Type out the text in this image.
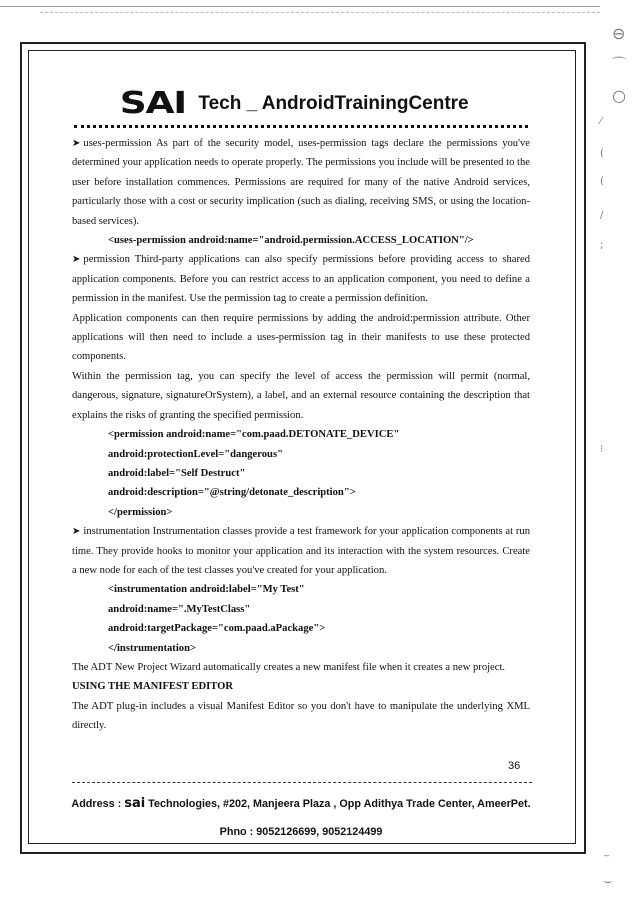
SAI Tech _ AndroidTrainingCentre

➤ uses-permission As part of the security model, uses-permission tags declare the permissions you've determined your application needs to operate properly. The permissions you include will be presented to the user before installation commences. Permissions are required for many of the native Android services, particularly those with a cost or security implication (such as dialing, receiving SMS, or using the location-based services).

<uses-permission android:name="android.permission.ACCESS_LOCATION"/>

➤ permission Third-party applications can also specify permissions before providing access to shared application components. Before you can restrict access to an application component, you need to define a permission in the manifest. Use the permission tag to create a permission definition.

Application components can then require permissions by adding the android:permission attribute. Other applications will then need to include a uses-permission tag in their manifests to use these protected components.

Within the permission tag, you can specify the level of access the permission will permit (normal, dangerous, signature, signatureOrSystem), a label, and an external resource containing the description that explains the risks of granting the specified permission.

<permission android:name="com.paad.DETONATE_DEVICE"

android:protectionLevel="dangerous"

android:label="Self Destruct"

android:description="@string/detonate_description">

</permission>

➤ instrumentation Instrumentation classes provide a test framework for your application components at run time. They provide hooks to monitor your application and its interaction with the system resources. Create a new node for each of the test classes you've created for your application.

<instrumentation android:label="My Test"

android:name=".MyTestClass"

android:targetPackage="com.paad.aPackage">

</instrumentation>

The ADT New Project Wizard automatically creates a new manifest file when it creates a new project.

USING THE MANIFEST EDITOR

The ADT plug-in includes a visual Manifest Editor so you don't have to manipulate the underlying XML directly.

36
Address : sai Technologies, #202, Manjeera Plaza , Opp Adithya Trade Center, AmeerPet.
Phno : 9052126699, 9052124499
⊖
⌒
○
⁄
(
(
/
;
⁝
_
⌣
